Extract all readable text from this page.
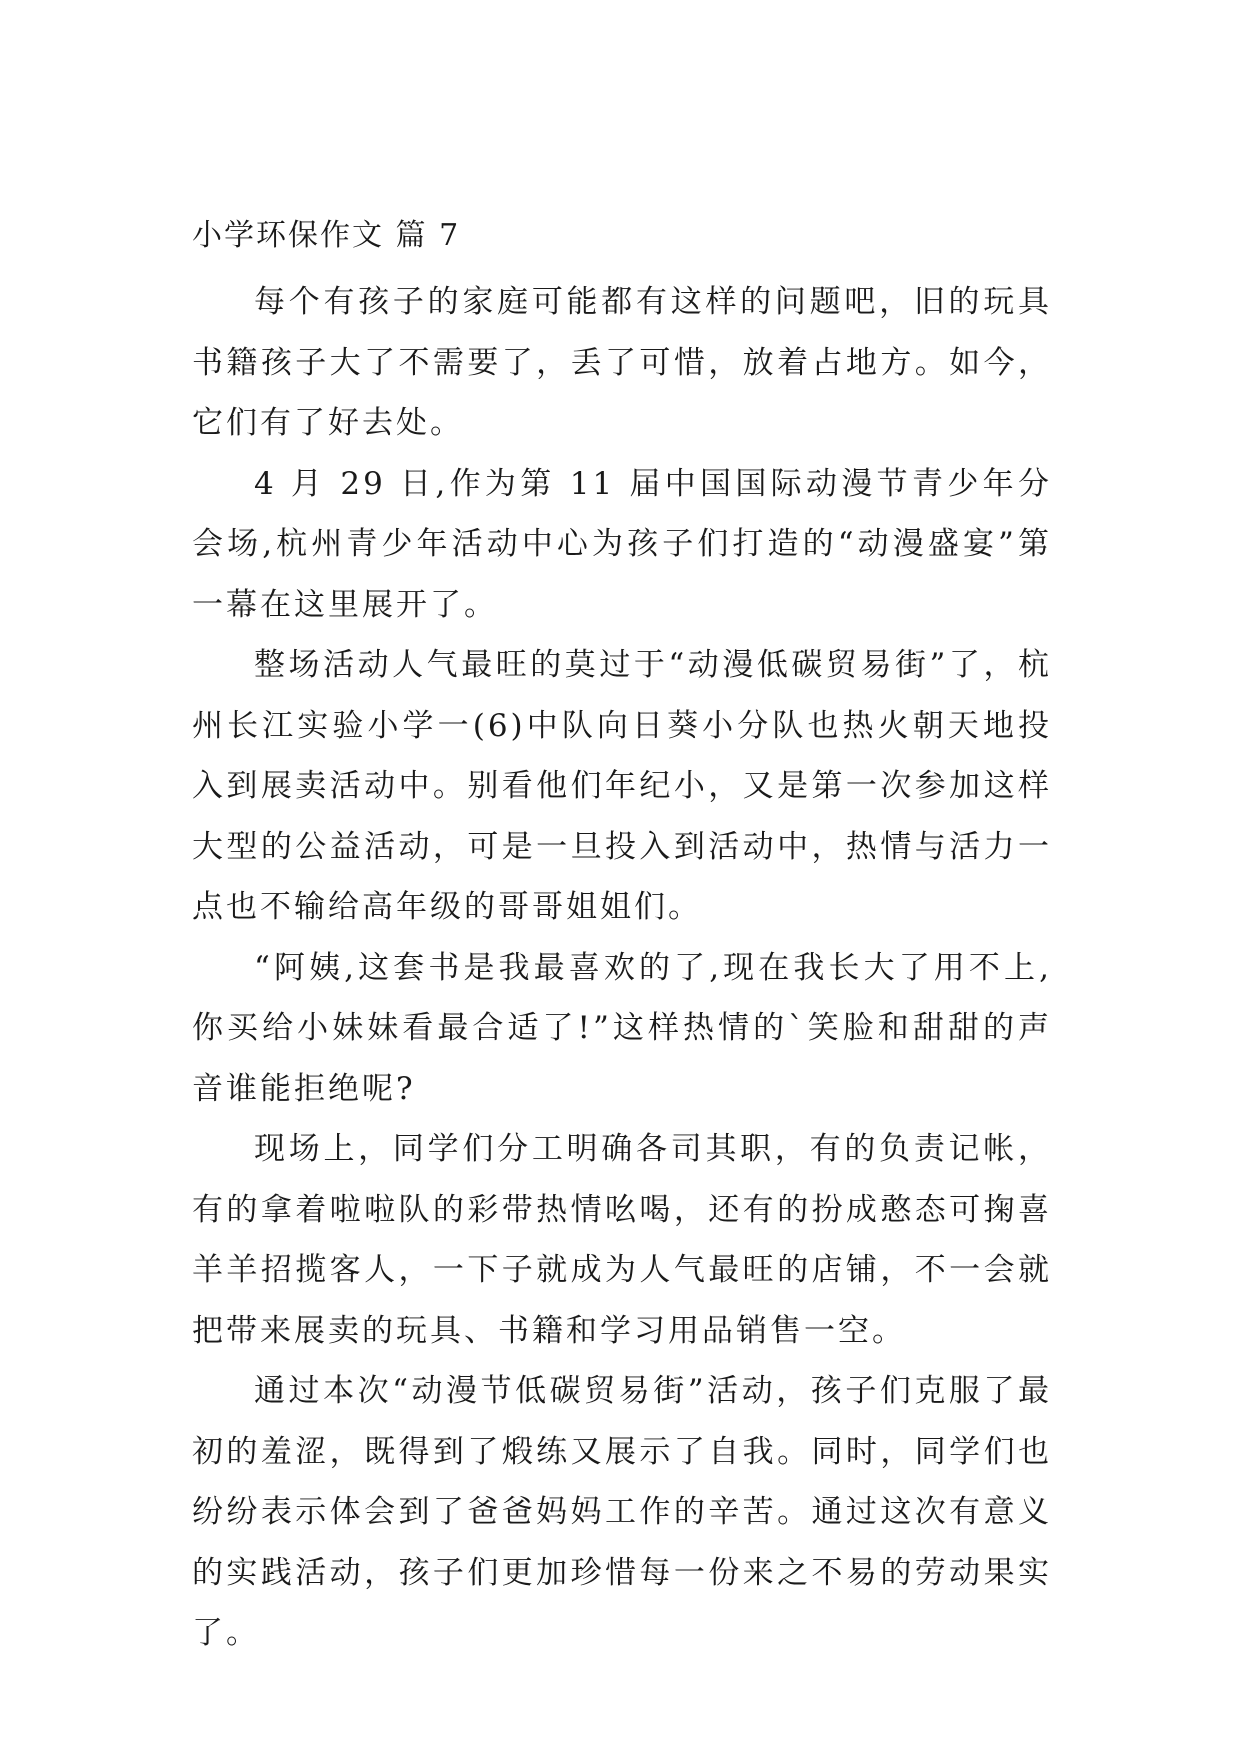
小学环保作文 篇 7

每个有孩子的家庭可能都有这样的问题吧，旧的玩具书籍孩子大了不需要了，丢了可惜，放着占地方。如今，它们有了好去处。

4 月 29 日,作为第 11 届中国国际动漫节青少年分会场,杭州青少年活动中心为孩子们打造的“动漫盛宴”第一幕在这里展开了。

整场活动人气最旺的莫过于“动漫低碳贸易街”了，杭州长江实验小学一(6)中队向日葵小分队也热火朝天地投入到展卖活动中。别看他们年纪小，又是第一次参加这样大型的公益活动，可是一旦投入到活动中，热情与活力一点也不输给高年级的哥哥姐姐们。

“阿姨,这套书是我最喜欢的了,现在我长大了用不上,你买给小妹妹看最合适了!”这样热情的`笑脸和甜甜的声音谁能拒绝呢?

现场上，同学们分工明确各司其职，有的负责记帐，有的拿着啦啦队的彩带热情吆喝，还有的扮成憨态可掬喜羊羊招揽客人，一下子就成为人气最旺的店铺，不一会就把带来展卖的玩具、书籍和学习用品销售一空。

通过本次“动漫节低碳贸易街”活动，孩子们克服了最初的羞涩，既得到了煅练又展示了自我。同时，同学们也纷纷表示体会到了爸爸妈妈工作的辛苦。通过这次有意义的实践活动，孩子们更加珍惜每一份来之不易的劳动果实了。
